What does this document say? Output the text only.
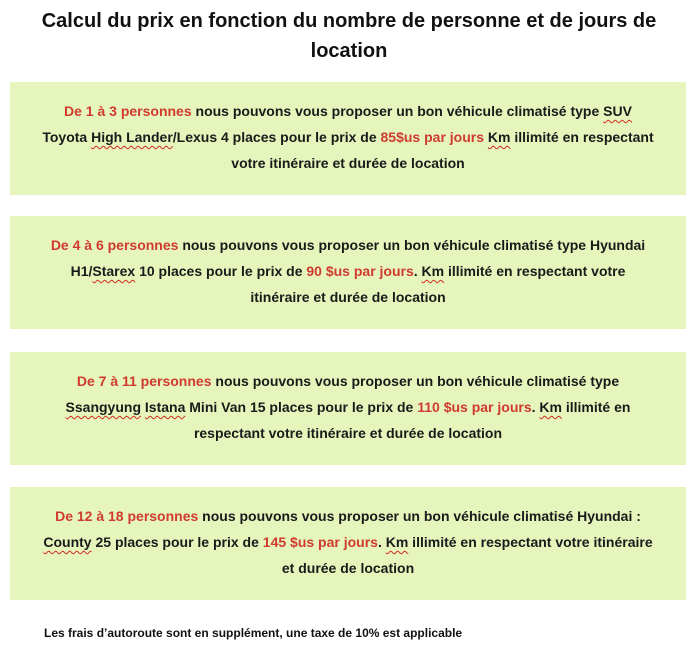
Calcul du prix en fonction du nombre de personne et de jours de location
De 1 à 3 personnes nous pouvons vous proposer un bon véhicule climatisé type SUV Toyota High Lander/Lexus 4 places pour le prix de 85$us par jours Km illimité en respectant votre itinéraire et durée de location
De 4 à 6 personnes nous pouvons vous proposer un bon véhicule climatisé type Hyundai H1/Starex 10 places pour le prix de 90 $us par jours. Km illimité en respectant votre itinéraire et durée de location
De 7 à 11 personnes nous pouvons vous proposer un bon véhicule climatisé type Ssangyung Istana Mini Van 15 places pour le prix de 110 $us par jours. Km illimité en respectant votre itinéraire et durée de location
De 12 à 18 personnes nous pouvons vous proposer un bon véhicule climatisé Hyundai : County 25 places pour le prix de 145 $us par jours. Km illimité en respectant votre itinéraire et durée de location

Les frais d’autoroute sont en supplément, une taxe de 10% est applicable
